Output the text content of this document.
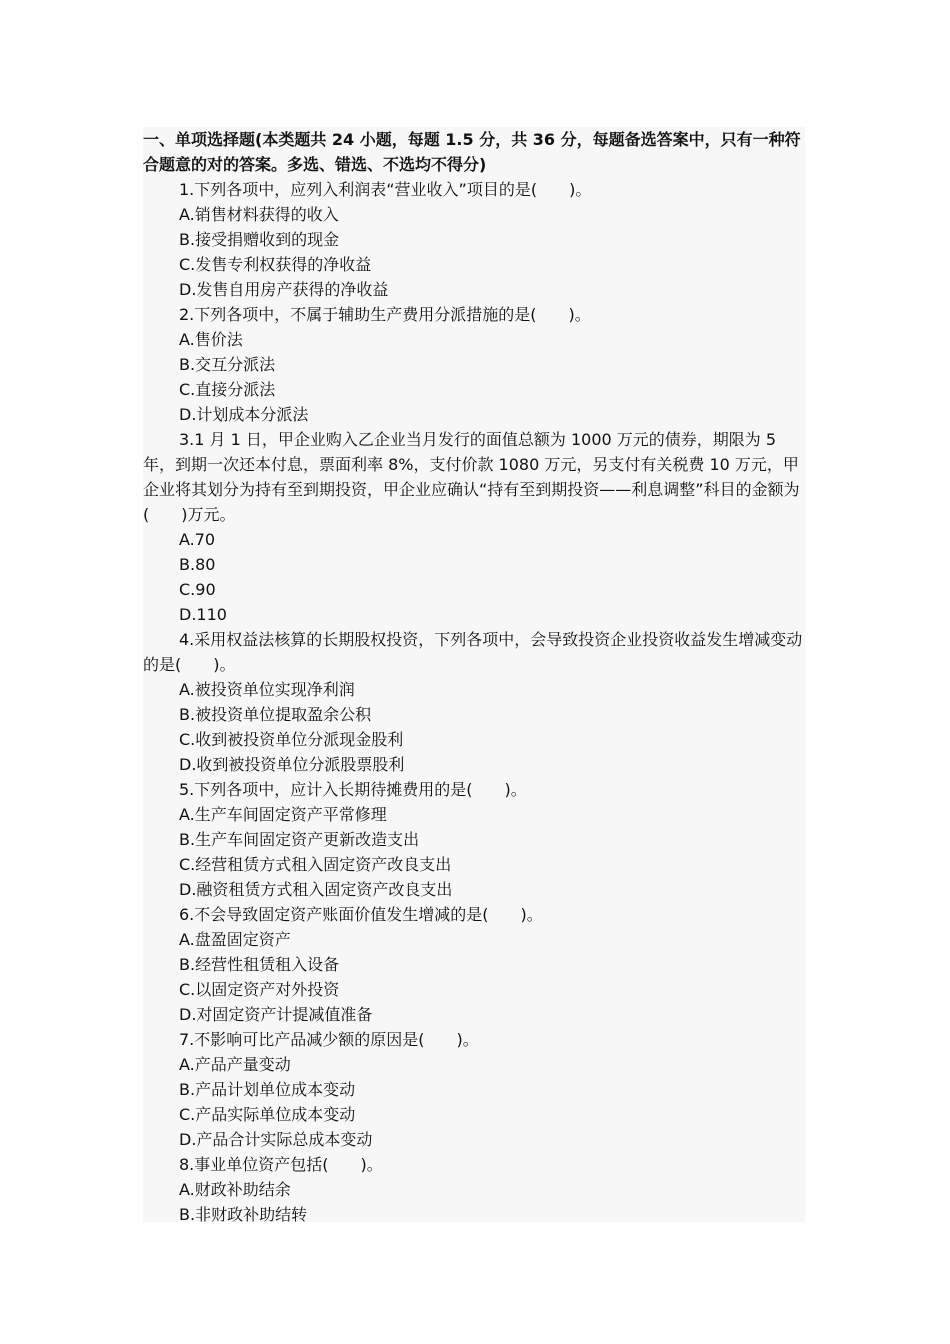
一、单项选择题(本类题共 24 小题，每题 1.5 分，共 36 分，每题备选答案中，只有一种符合题意的对的答案。多选、错选、不选均不得分)

1.下列各项中，应列入利润表“营业收入”项目的是(　　)。

A.销售材料获得的收入

B.接受捐赠收到的现金

C.发售专利权获得的净收益

D.发售自用房产获得的净收益

2.下列各项中，不属于辅助生产费用分派措施的是(　　)。

A.售价法

B.交互分派法

C.直接分派法

D.计划成本分派法

3.1 月 1 日，甲企业购入乙企业当月发行的面值总额为 1000 万元的债券，期限为 5 年，到期一次还本付息，票面利率 8%，支付价款 1080 万元，另支付有关税费 10 万元，甲企业将其划分为持有至到期投资，甲企业应确认“持有至到期投资——利息调整”科目的金额为(　　)万元。

A.70

B.80

C.90

D.110

4.采用权益法核算的长期股权投资，下列各项中，会导致投资企业投资收益发生增减变动的是(　　)。

A.被投资单位实现净利润

B.被投资单位提取盈余公积

C.收到被投资单位分派现金股利

D.收到被投资单位分派股票股利

5.下列各项中，应计入长期待摊费用的是(　　)。

A.生产车间固定资产平常修理

B.生产车间固定资产更新改造支出

C.经营租赁方式租入固定资产改良支出

D.融资租赁方式租入固定资产改良支出

6.不会导致固定资产账面价值发生增减的是(　　)。

A.盘盈固定资产

B.经营性租赁租入设备

C.以固定资产对外投资

D.对固定资产计提减值准备

7.不影响可比产品减少额的原因是(　　)。

A.产品产量变动

B.产品计划单位成本变动

C.产品实际单位成本变动

D.产品合计实际总成本变动

8.事业单位资产包括(　　)。

A.财政补助结余

B.非财政补助结转
